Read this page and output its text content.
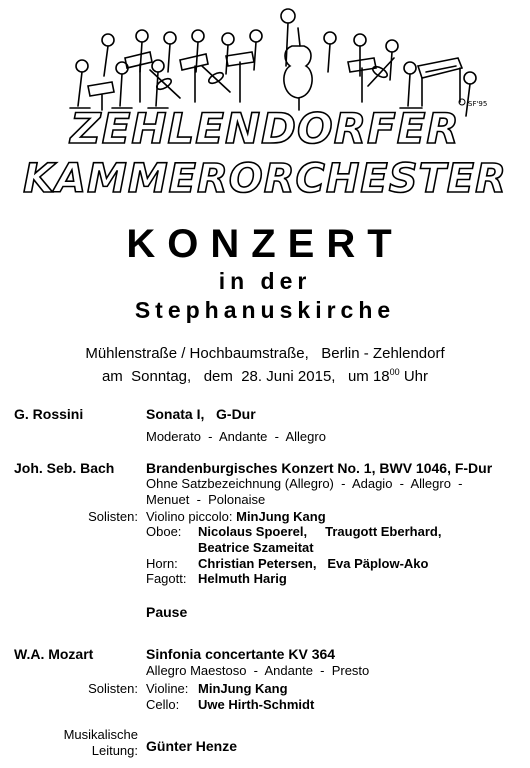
SF'95
ZEHLENDORFER
KAMMERORCHESTER
KONZERT
in der
Stephanuskirche
Mühlenstraße / Hochbaumstraße,   Berlin - Zehlendorf
am  Sonntag,   dem  28. Juni 2015,   um $18^{00}$ Uhr
G. Rossini	Sonata I,   G-Dur
Moderato  -  Andante  -  Allegro
Joh. Seb. Bach Brandenburgisches Konzert No. 1, BWV 1046, F-Dur
Ohne Satzbezeichnung (Allegro)  -  Adagio  -  Allegro  -
Menuet  -  Polonaise
Solisten: Violino piccolo: MinJung Kang
Oboe: Nicolaus Spoerel,     Traugott Eberhard,
Beatrice Szameitat
Horn: Christian Petersen,   Eva Päplow-Ako
Fagott: Helmuth Harig
Pause
W.A. Mozart	Sinfonia concertante KV 364
Allegro Maestoso  -  Andante  -  Presto
Solisten: Violine: MinJung Kang
Cello: Uwe Hirth-Schmidt
Musikalische
Leitung: Günter Henze
